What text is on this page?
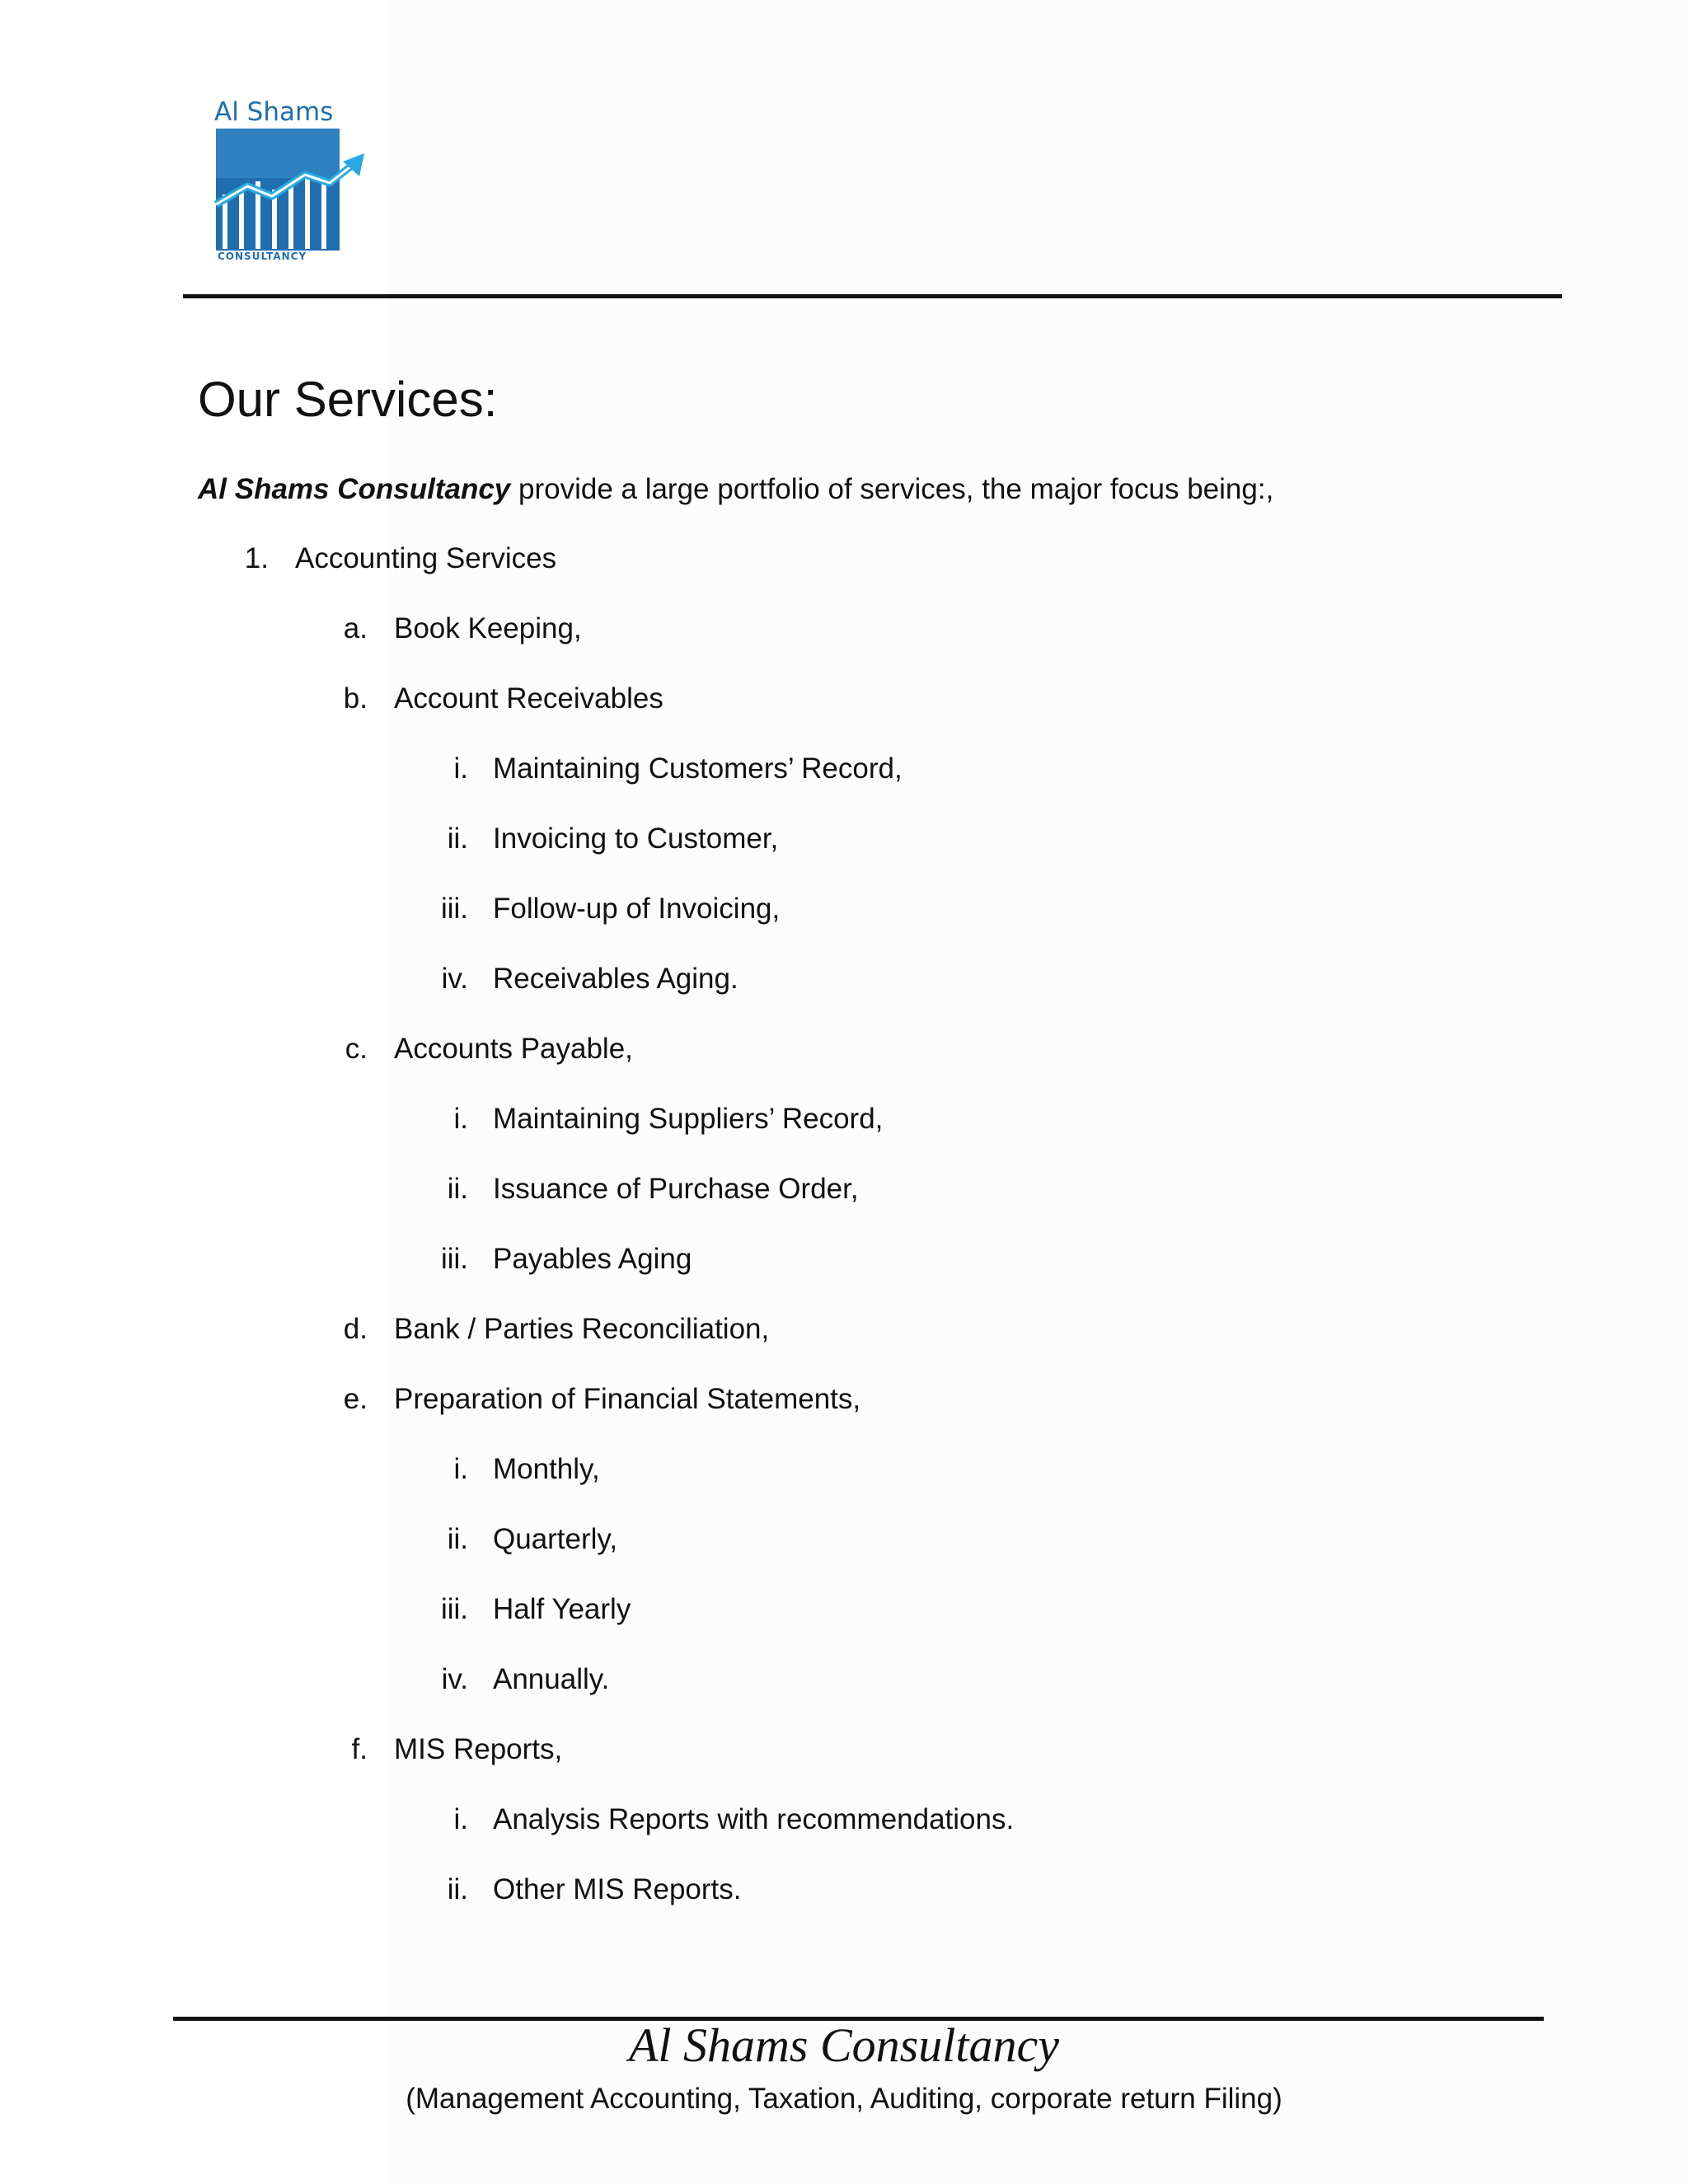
Al Shams
CONSULTANCY
Our Services:

Al Shams Consultancy provide a large portfolio of services, the major focus being:,

1. Accounting Services
a. Book Keeping,
b. Account Receivables
i. Maintaining Customers’ Record,
ii. Invoicing to Customer,
iii. Follow-up of Invoicing,
iv. Receivables Aging.
c. Accounts Payable,
i. Maintaining Suppliers’ Record,
ii. Issuance of Purchase Order,
iii. Payables Aging
d. Bank / Parties Reconciliation,
e. Preparation of Financial Statements,
i. Monthly,
ii. Quarterly,
iii. Half Yearly
iv. Annually.
f. MIS Reports,
i. Analysis Reports with recommendations.
ii. Other MIS Reports.
Al Shams Consultancy
(Management Accounting, Taxation, Auditing, corporate return Filing)
